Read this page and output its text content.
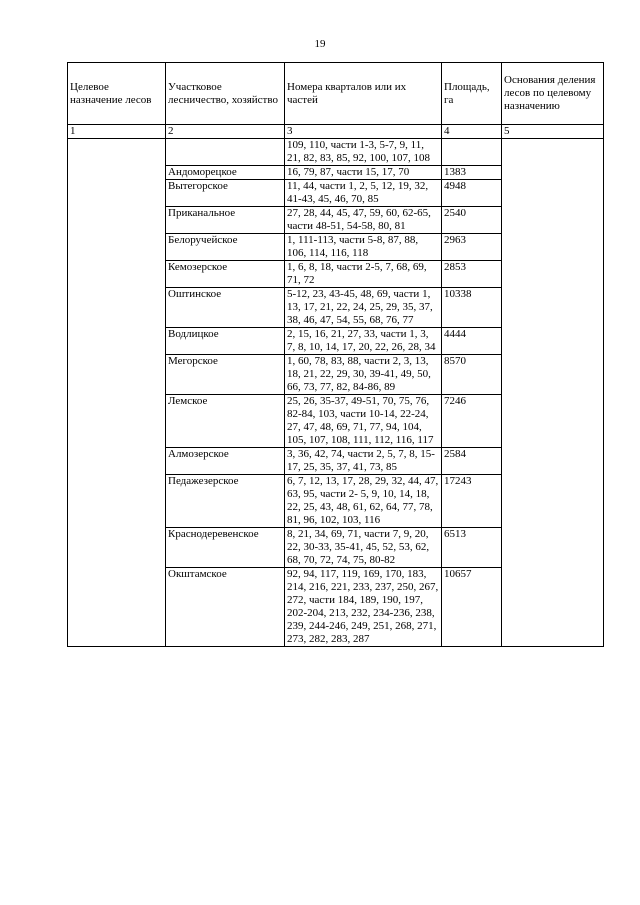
19
Целевое назначение лесов	Участковое лесничество, хозяйство	Номера кварталов или их частей	Площадь, га	Основания деления лесов по целевому назначению
1	2	3	4	5
		109, 110, части 1-3, 5-7, 9, 11, 21, 82, 83, 85, 92, 100, 107, 108		
	Андоморецкое	16, 79, 87, части 15, 17, 70	1383	
	Вытегорское	11, 44, части 1, 2, 5, 12, 19, 32, 41-43, 45, 46, 70, 85	4948	
	Приканальное	27, 28, 44, 45, 47, 59, 60, 62-65, части 48-51, 54-58, 80, 81	2540	
	Белоручейское	1, 111-113, части 5-8, 87, 88, 106, 114, 116, 118	2963	
	Кемозерское	1, 6, 8, 18, части 2-5, 7, 68, 69, 71, 72	2853	
	Оштинское	5-12, 23, 43-45, 48, 69, части 1, 13, 17, 21, 22, 24, 25, 29, 35, 37, 38, 46, 47, 54, 55, 68, 76, 77	10338	
	Водлицкое	2, 15, 16, 21, 27, 33, части 1, 3, 7, 8, 10, 14, 17, 20, 22, 26, 28, 34	4444	
	Мегорское	1, 60, 78, 83, 88, части 2, 3, 13, 18, 21, 22, 29, 30, 39-41, 49, 50, 66, 73, 77, 82, 84-86, 89	8570	
	Лемское	25, 26, 35-37, 49-51, 70, 75, 76, 82-84, 103, части 10-14, 22-24, 27, 47, 48, 69, 71, 77, 94, 104, 105, 107, 108, 111, 112, 116, 117	7246	
	Алмозерское	3, 36, 42, 74, части 2, 5, 7, 8, 15-17, 25, 35, 37, 41, 73, 85	2584	
	Педажезерское	6, 7, 12, 13, 17, 28, 29, 32, 44, 47, 63, 95, части 2- 5, 9, 10, 14, 18, 22, 25, 43, 48, 61, 62, 64, 77, 78, 81, 96, 102, 103, 116	17243	
	Краснодеревенское	8, 21, 34, 69, 71, части 7, 9, 20, 22, 30-33, 35-41, 45, 52, 53, 62, 68, 70, 72, 74, 75, 80-82	6513	
	Окштамское	92, 94, 117, 119, 169, 170, 183, 214, 216, 221, 233, 237, 250, 267, 272, части 184, 189, 190, 197, 202-204, 213, 232, 234-236, 238, 239, 244-246, 249, 251, 268, 271, 273, 282, 283, 287	10657	
